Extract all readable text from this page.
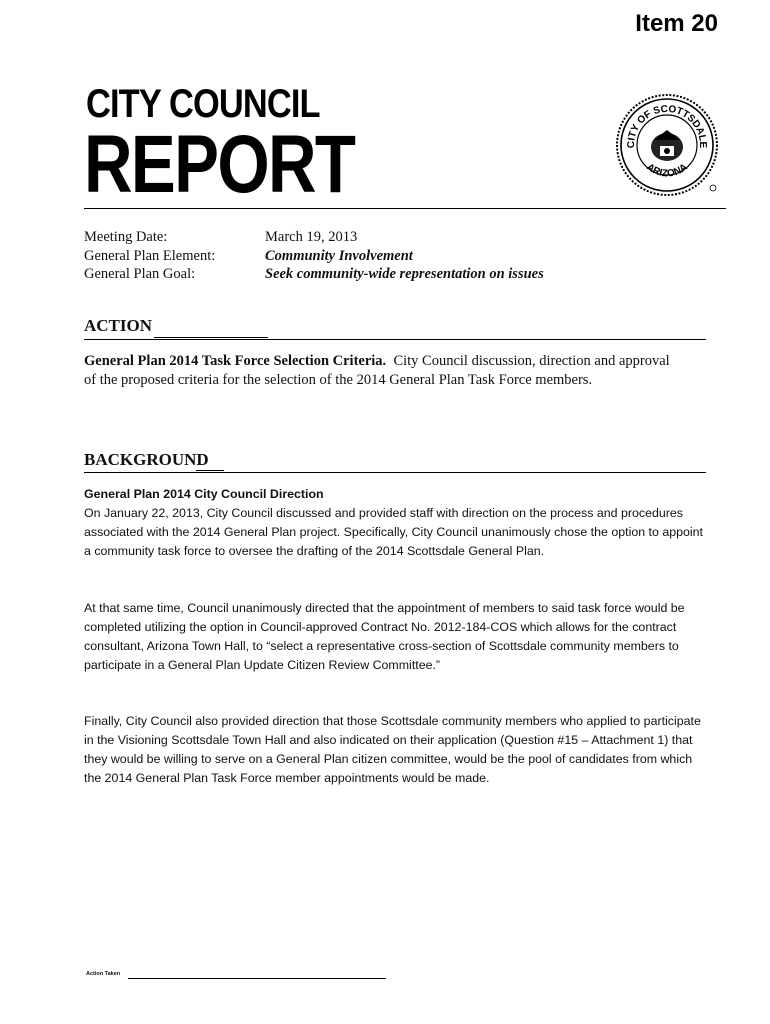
Item 20
CITY COUNCIL
REPORT	CITY OF SCOTTSDALE
ARIZONA
Meeting Date:	March 19, 2013
General Plan Element:	Community Involvement
General Plan Goal:	Seek community-wide representation on issues
ACTION
General Plan 2014 Task Force Selection Criteria. City Council discussion, direction and approval of the proposed criteria for the selection of the 2014 General Plan Task Force members.
BACKGROUND
General Plan 2014 City Council Direction
On January 22, 2013, City Council discussed and provided staff with direction on the process and procedures associated with the 2014 General Plan project. Specifically, City Council unanimously chose the option to appoint a community task force to oversee the drafting of the 2014 Scottsdale General Plan.
At that same time, Council unanimously directed that the appointment of members to said task force would be completed utilizing the option in Council-approved Contract No. 2012-184-COS which allows for the contract consultant, Arizona Town Hall, to “select a representative cross-section of Scottsdale community members to participate in a General Plan Update Citizen Review Committee.”
Finally, City Council also provided direction that those Scottsdale community members who applied to participate in the Visioning Scottsdale Town Hall and also indicated on their application (Question #15 – Attachment 1) that they would be willing to serve on a General Plan citizen committee, would be the pool of candidates from which the 2014 General Plan Task Force member appointments would be made.
Action Taken
